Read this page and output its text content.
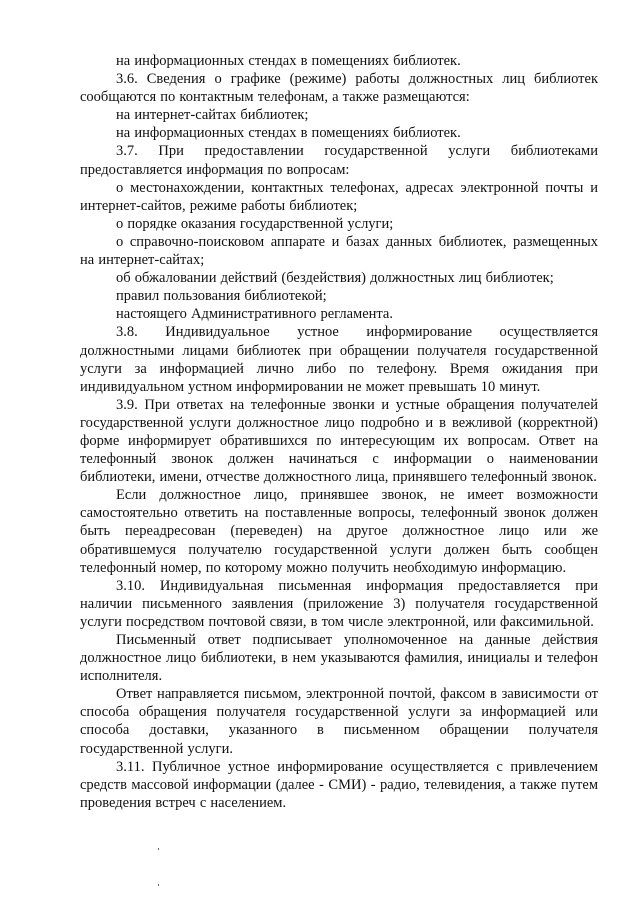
на информационных стендах в помещениях библиотек.

3.6. Сведения о графике (режиме) работы должностных лиц библиотек сообщаются по контактным телефонам, а также размещаются:

на интернет-сайтах библиотек;

на информационных стендах в помещениях библиотек.

3.7. При предоставлении государственной услуги библиотеками предоставляется информация по вопросам:

о местонахождении, контактных телефонах, адресах электронной почты и интернет-сайтов, режиме работы библиотек;

о порядке оказания государственной услуги;

о справочно-поисковом аппарате и базах данных библиотек, размещенных на интернет-сайтах;

об обжаловании действий (бездействия) должностных лиц библиотек;

правил пользования библиотекой;

настоящего Административного регламента.

3.8. Индивидуальное устное информирование осуществляется должностными лицами библиотек при обращении получателя государственной услуги за информацией лично либо по телефону. Время ожидания при индивидуальном устном информировании не может превышать 10 минут.

3.9. При ответах на телефонные звонки и устные обращения получателей государственной услуги должностное лицо подробно и в вежливой (корректной) форме информирует обратившихся по интересующим их вопросам. Ответ на телефонный звонок должен начинаться с информации о наименовании библиотеки, имени, отчестве должностного лица, принявшего телефонный звонок.

Если должностное лицо, принявшее звонок, не имеет возможности самостоятельно ответить на поставленные вопросы, телефонный звонок должен быть переадресован (переведен) на другое должностное лицо или же обратившемуся получателю государственной услуги должен быть сообщен телефонный номер, по которому можно получить необходимую информацию.

3.10. Индивидуальная письменная информация предоставляется при наличии письменного заявления (приложение 3) получателя государственной услуги посредством почтовой связи, в том числе электронной, или факсимильной.

Письменный ответ подписывает уполномоченное на данные действия должностное лицо библиотеки, в нем указываются фамилия, инициалы и телефон исполнителя.

Ответ направляется письмом, электронной почтой, факсом в зависимости от способа обращения получателя государственной услуги за информацией или способа доставки, указанного в письменном обращении получателя государственной услуги.

3.11. Публичное устное информирование осуществляется с привлечением средств массовой информации (далее - СМИ) - радио, телевидения, а также путем проведения встреч с населением.
